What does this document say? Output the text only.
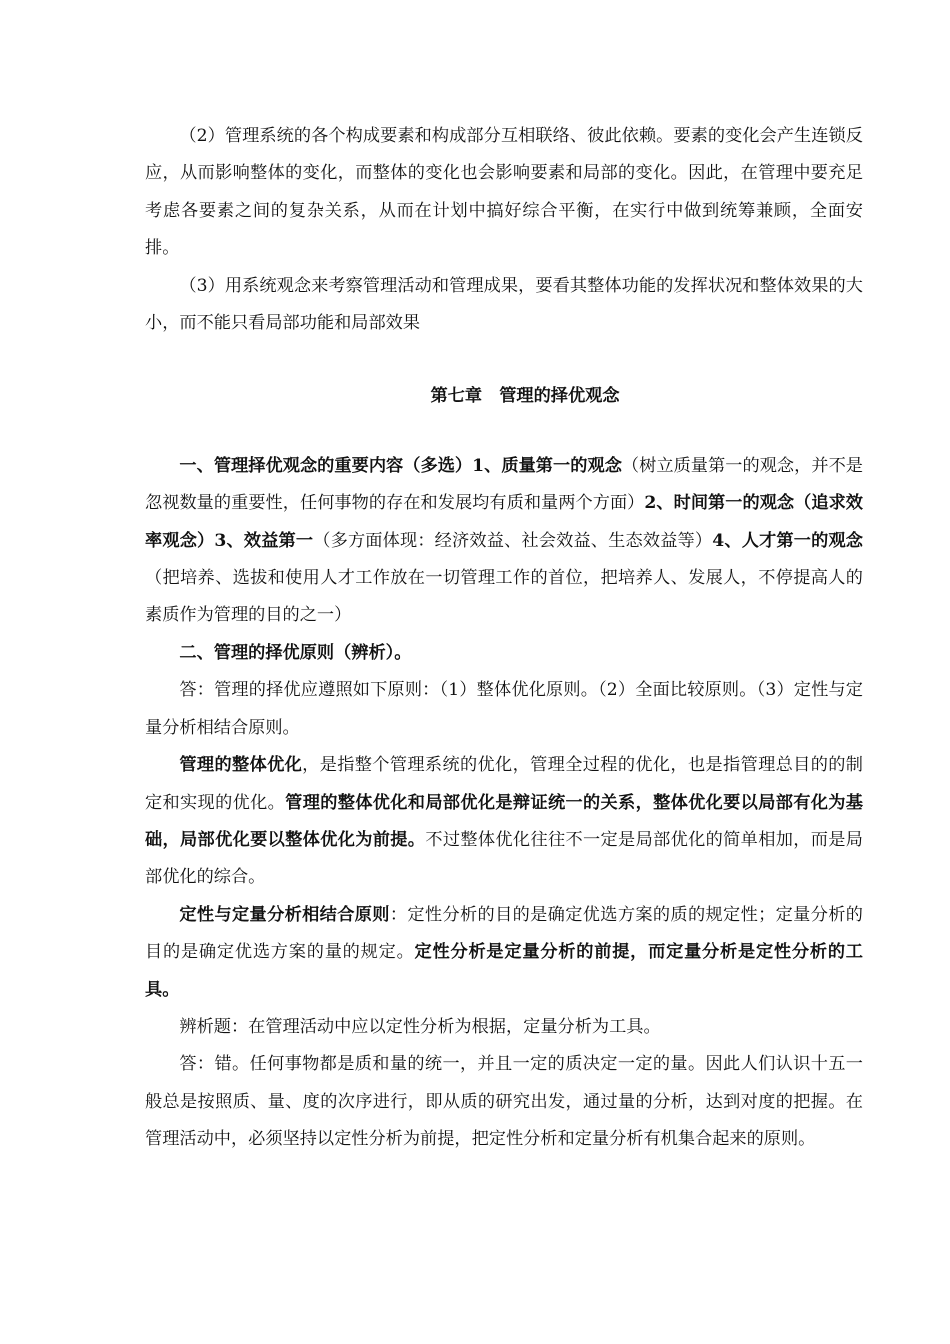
（2）管理系统的各个构成要素和构成部分互相联络、彼此依赖。要素的变化会产生连锁反应，从而影响整体的变化，而整体的变化也会影响要素和局部的变化。因此，在管理中要充足考虑各要素之间的复杂关系，从而在计划中搞好综合平衡，在实行中做到统筹兼顾，全面安排。

（3）用系统观念来考察管理活动和管理成果，要看其整体功能的发挥状况和整体效果的大小，而不能只看局部功能和局部效果

第七章　管理的择优观念

一、管理择优观念的重要内容（多选）1、质量第一的观念（树立质量第一的观念，并不是忽视数量的重要性，任何事物的存在和发展均有质和量两个方面）2、时间第一的观念（追求效率观念）3、效益第一（多方面体现：经济效益、社会效益、生态效益等）4、人才第一的观念（把培养、选拔和使用人才工作放在一切管理工作的首位，把培养人、发展人，不停提高人的素质作为管理的目的之一）

二、管理的择优原则（辨析）。

答：管理的择优应遵照如下原则：（1）整体优化原则。（2）全面比较原则。（3）定性与定量分析相结合原则。

管理的整体优化，是指整个管理系统的优化，管理全过程的优化，也是指管理总目的的制定和实现的优化。管理的整体优化和局部优化是辩证统一的关系，整体优化要以局部有化为基础，局部优化要以整体优化为前提。不过整体优化往往不一定是局部优化的简单相加，而是局部优化的综合。

定性与定量分析相结合原则：定性分析的目的是确定优选方案的质的规定性；定量分析的目的是确定优选方案的量的规定。定性分析是定量分析的前提，而定量分析是定性分析的工具。

辨析题：在管理活动中应以定性分析为根据，定量分析为工具。

答：错。任何事物都是质和量的统一，并且一定的质决定一定的量。因此人们认识十五一般总是按照质、量、度的次序进行，即从质的研究出发，通过量的分析，达到对度的把握。在管理活动中，必须坚持以定性分析为前提，把定性分析和定量分析有机集合起来的原则。
